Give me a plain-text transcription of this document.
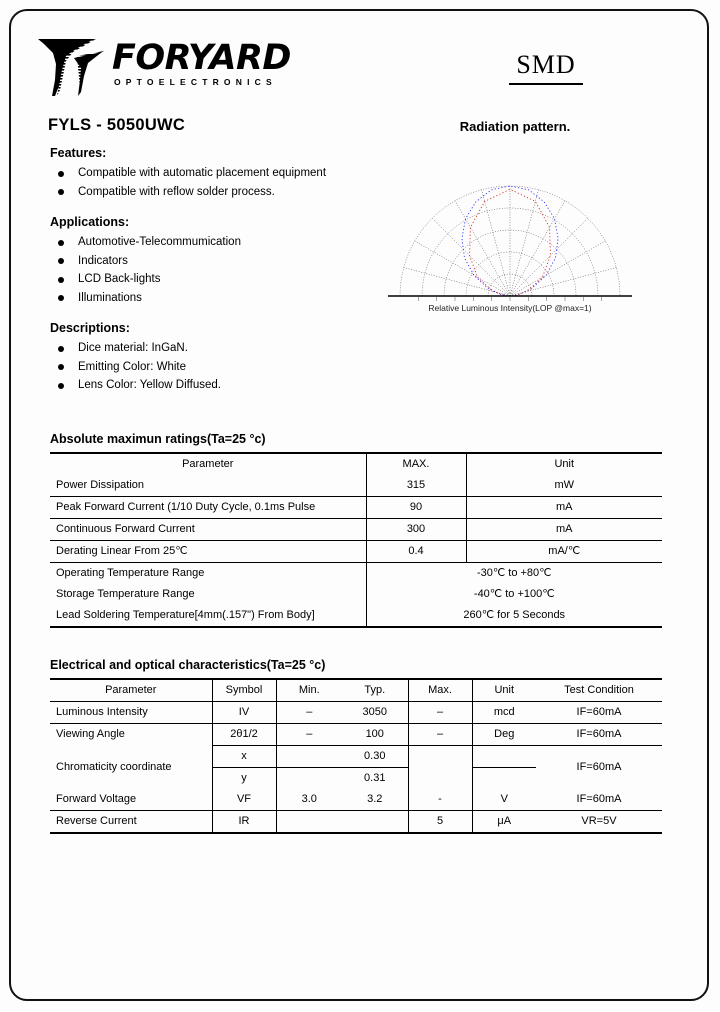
FORYARD
OPTOELECTRONICS
SMD
FYLS - 5050UWC	Radiation pattern.
Features:
Compatible with automatic placement equipment
Compatible with reflow solder process.
Applications:
Automotive-Telecommumication
Indicators
LCD Back-lights
Illuminations
Descriptions:
Dice material: InGaN.
Emitting Color: White
Lens Color: Yellow Diffused.
Relative Luminous Intensity(LOP @max=1)
Absolute maximun ratings(Ta=25 °c)
Parameter	MAX.	Unit
Power Dissipation	315	mW
Peak Forward Current (1/10 Duty Cycle, 0.1ms Pulse	90	mA
Continuous Forward Current	300	mA
Derating Linear From 25℃	0.4	mA/℃
Operating Temperature Range	-30℃ to +80℃	
Storage Temperature Range	-40℃ to +100℃	
Lead Soldering Temperature[4mm(.157") From Body]	260℃ for 5 Seconds	
Electrical and optical characteristics(Ta=25 °c)
Parameter	Symbol	Min.	Typ.	Max.	Unit	Test Condition
Luminous Intensity	IV	–	3050	–	mcd	IF=60mA
Viewing Angle	2θ1/2	–	100	–	Deg	IF=60mA
Chromaticity coordinate	x		0.30			IF=60mA
	y		0.31			
Forward Voltage	VF	3.0	3.2	-	V	IF=60mA
Reverse Current	IR			5	μA	VR=5V
